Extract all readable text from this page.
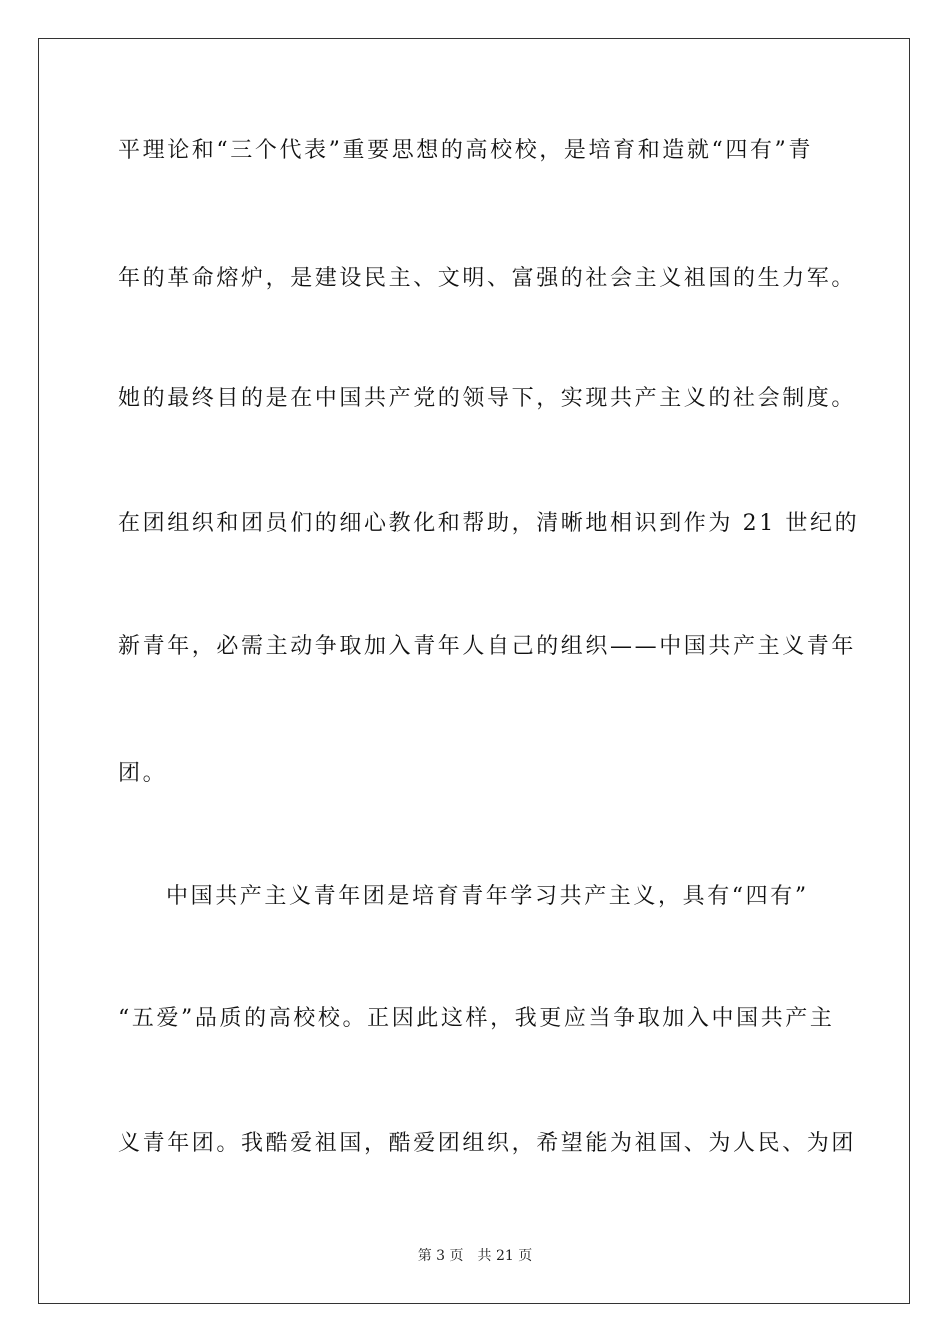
平理论和“三个代表”重要思想的高校校，是培育和造就“四有”青
年的革命熔炉，是建设民主、文明、富强的社会主义祖国的生力军。
她的最终目的是在中国共产党的领导下，实现共产主义的社会制度。
在团组织和团员们的细心教化和帮助，清晰地相识到作为 21 世纪的
新青年，必需主动争取加入青年人自己的组织——中国共产主义青年
团。
中国共产主义青年团是培育青年学习共产主义，具有“四有”
“五爱”品质的高校校。正因此这样，我更应当争取加入中国共产主
义青年团。我酷爱祖国，酷爱团组织，希望能为祖国、为人民、为团
第 3 页 共 21 页
